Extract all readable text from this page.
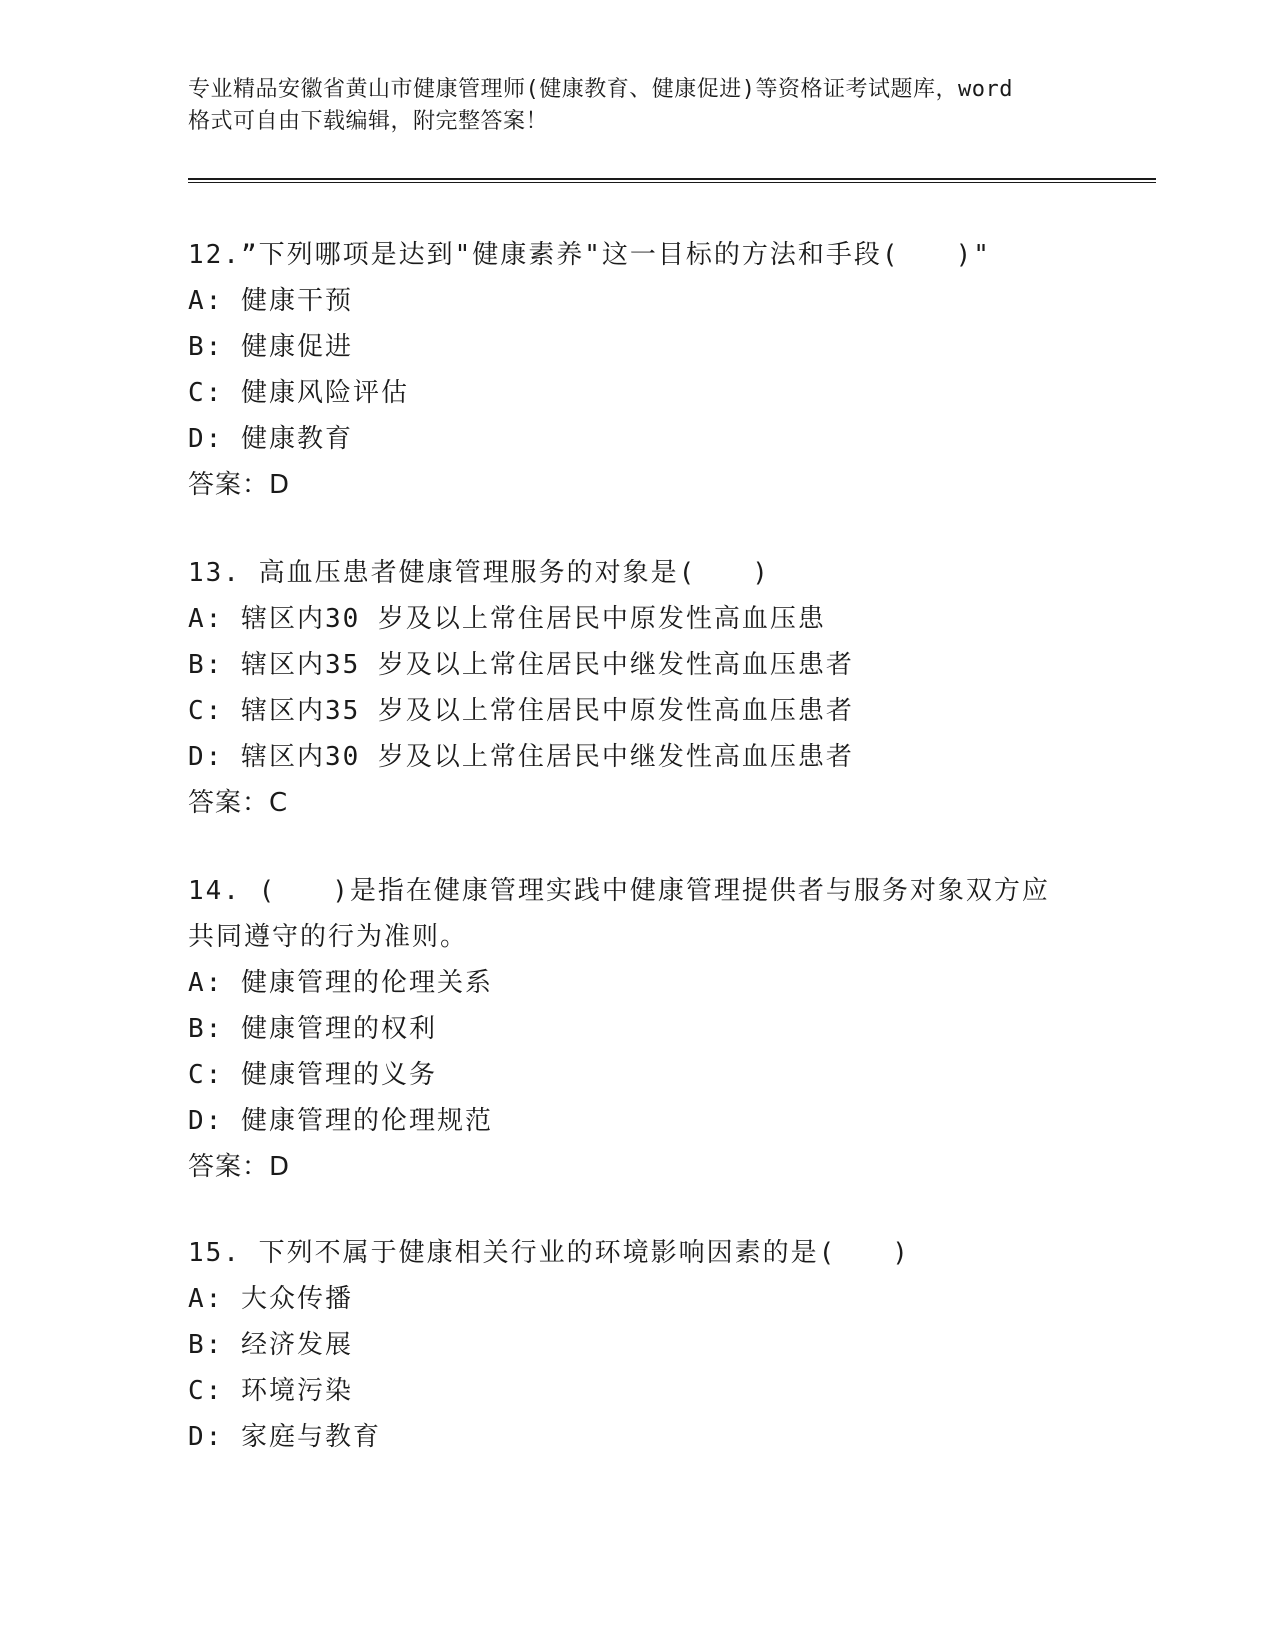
专业精品安徽省黄山市健康管理师(健康教育、健康促进)等资格证考试题库，word
格式可自由下载编辑，附完整答案！
12.”下列哪项是达到"健康素养"这一目标的方法和手段(　　)"
A: 健康干预
B: 健康促进
C: 健康风险评估
D: 健康教育
答案：D
13. 高血压患者健康管理服务的对象是(　　)
A: 辖区内30 岁及以上常住居民中原发性高血压患
B: 辖区内35 岁及以上常住居民中继发性高血压患者
C: 辖区内35 岁及以上常住居民中原发性高血压患者
D: 辖区内30 岁及以上常住居民中继发性高血压患者
答案：C
14. (　　)是指在健康管理实践中健康管理提供者与服务对象双方应
共同遵守的行为准则。
A: 健康管理的伦理关系
B: 健康管理的权利
C: 健康管理的义务
D: 健康管理的伦理规范
答案：D
15. 下列不属于健康相关行业的环境影响因素的是(　　)
A: 大众传播
B: 经济发展
C: 环境污染
D: 家庭与教育
